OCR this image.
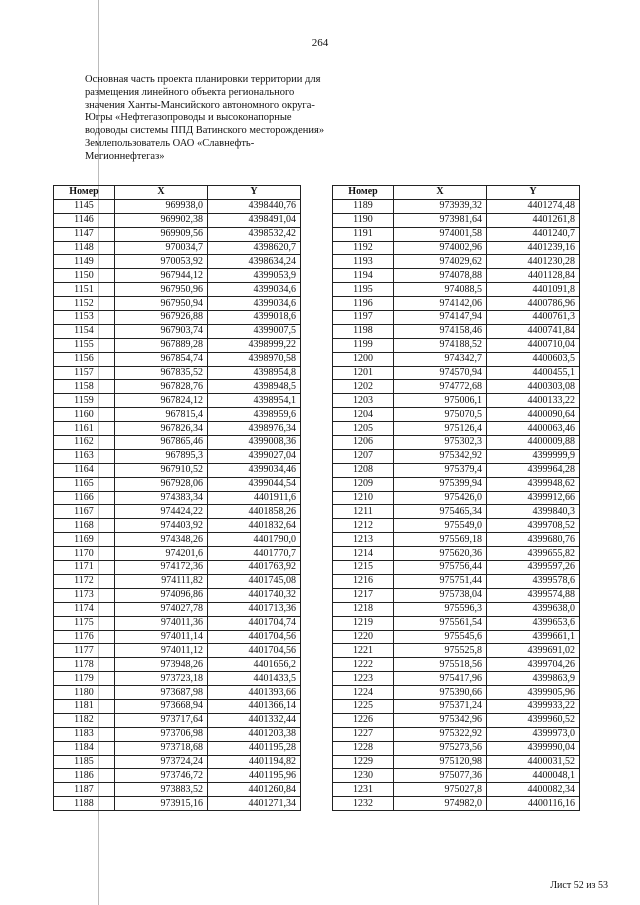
264
Основная часть проекта планировки территории для
размещения линейного объекта регионального
значения Ханты-Мансийского автономного округа-
Югры «Нефтегазопроводы и высоконапорные
водоводы системы ППД Ватинского месторождения»
Землепользователь ОАО «Славнефть-
Мегионнефтегаз»
Номер	X	Y
1145	969938,0	4398440,76
1146	969902,38	4398491,04
1147	969909,56	4398532,42
1148	970034,7	4398620,7
1149	970053,92	4398634,24
1150	967944,12	4399053,9
1151	967950,96	4399034,6
1152	967950,94	4399034,6
1153	967926,88	4399018,6
1154	967903,74	4399007,5
1155	967889,28	4398999,22
1156	967854,74	4398970,58
1157	967835,52	4398954,8
1158	967828,76	4398948,5
1159	967824,12	4398954,1
1160	967815,4	4398959,6
1161	967826,34	4398976,34
1162	967865,46	4399008,36
1163	967895,3	4399027,04
1164	967910,52	4399034,46
1165	967928,06	4399044,54
1166	974383,34	4401911,6
1167	974424,22	4401858,26
1168	974403,92	4401832,64
1169	974348,26	4401790,0
1170	974201,6	4401770,7
1171	974172,36	4401763,92
1172	974111,82	4401745,08
1173	974096,86	4401740,32
1174	974027,78	4401713,36
1175	974011,36	4401704,74
1176	974011,14	4401704,56
1177	974011,12	4401704,56
1178	973948,26	4401656,2
1179	973723,18	4401433,5
1180	973687,98	4401393,66
1181	973668,94	4401366,14
1182	973717,64	4401332,44
1183	973706,98	4401203,38
1184	973718,68	4401195,28
1185	973724,24	4401194,82
1186	973746,72	4401195,96
1187	973883,52	4401260,84
1188	973915,16	4401271,34
Номер	X	Y
1189	973939,32	4401274,48
1190	973981,64	4401261,8
1191	974001,58	4401240,7
1192	974002,96	4401239,16
1193	974029,62	4401230,28
1194	974078,88	4401128,84
1195	974088,5	4401091,8
1196	974142,06	4400786,96
1197	974147,94	4400761,3
1198	974158,46	4400741,84
1199	974188,52	4400710,04
1200	974342,7	4400603,5
1201	974570,94	4400455,1
1202	974772,68	4400303,08
1203	975006,1	4400133,22
1204	975070,5	4400090,64
1205	975126,4	4400063,46
1206	975302,3	4400009,88
1207	975342,92	4399999,9
1208	975379,4	4399964,28
1209	975399,94	4399948,62
1210	975426,0	4399912,66
1211	975465,34	4399840,3
1212	975549,0	4399708,52
1213	975569,18	4399680,76
1214	975620,36	4399655,82
1215	975756,44	4399597,26
1216	975751,44	4399578,6
1217	975738,04	4399574,88
1218	975596,3	4399638,0
1219	975561,54	4399653,6
1220	975545,6	4399661,1
1221	975525,8	4399691,02
1222	975518,56	4399704,26
1223	975417,96	4399863,9
1224	975390,66	4399905,96
1225	975371,24	4399933,22
1226	975342,96	4399960,52
1227	975322,92	4399973,0
1228	975273,56	4399990,04
1229	975120,98	4400031,52
1230	975077,36	4400048,1
1231	975027,8	4400082,34
1232	974982,0	4400116,16
Лист 52 из 53
